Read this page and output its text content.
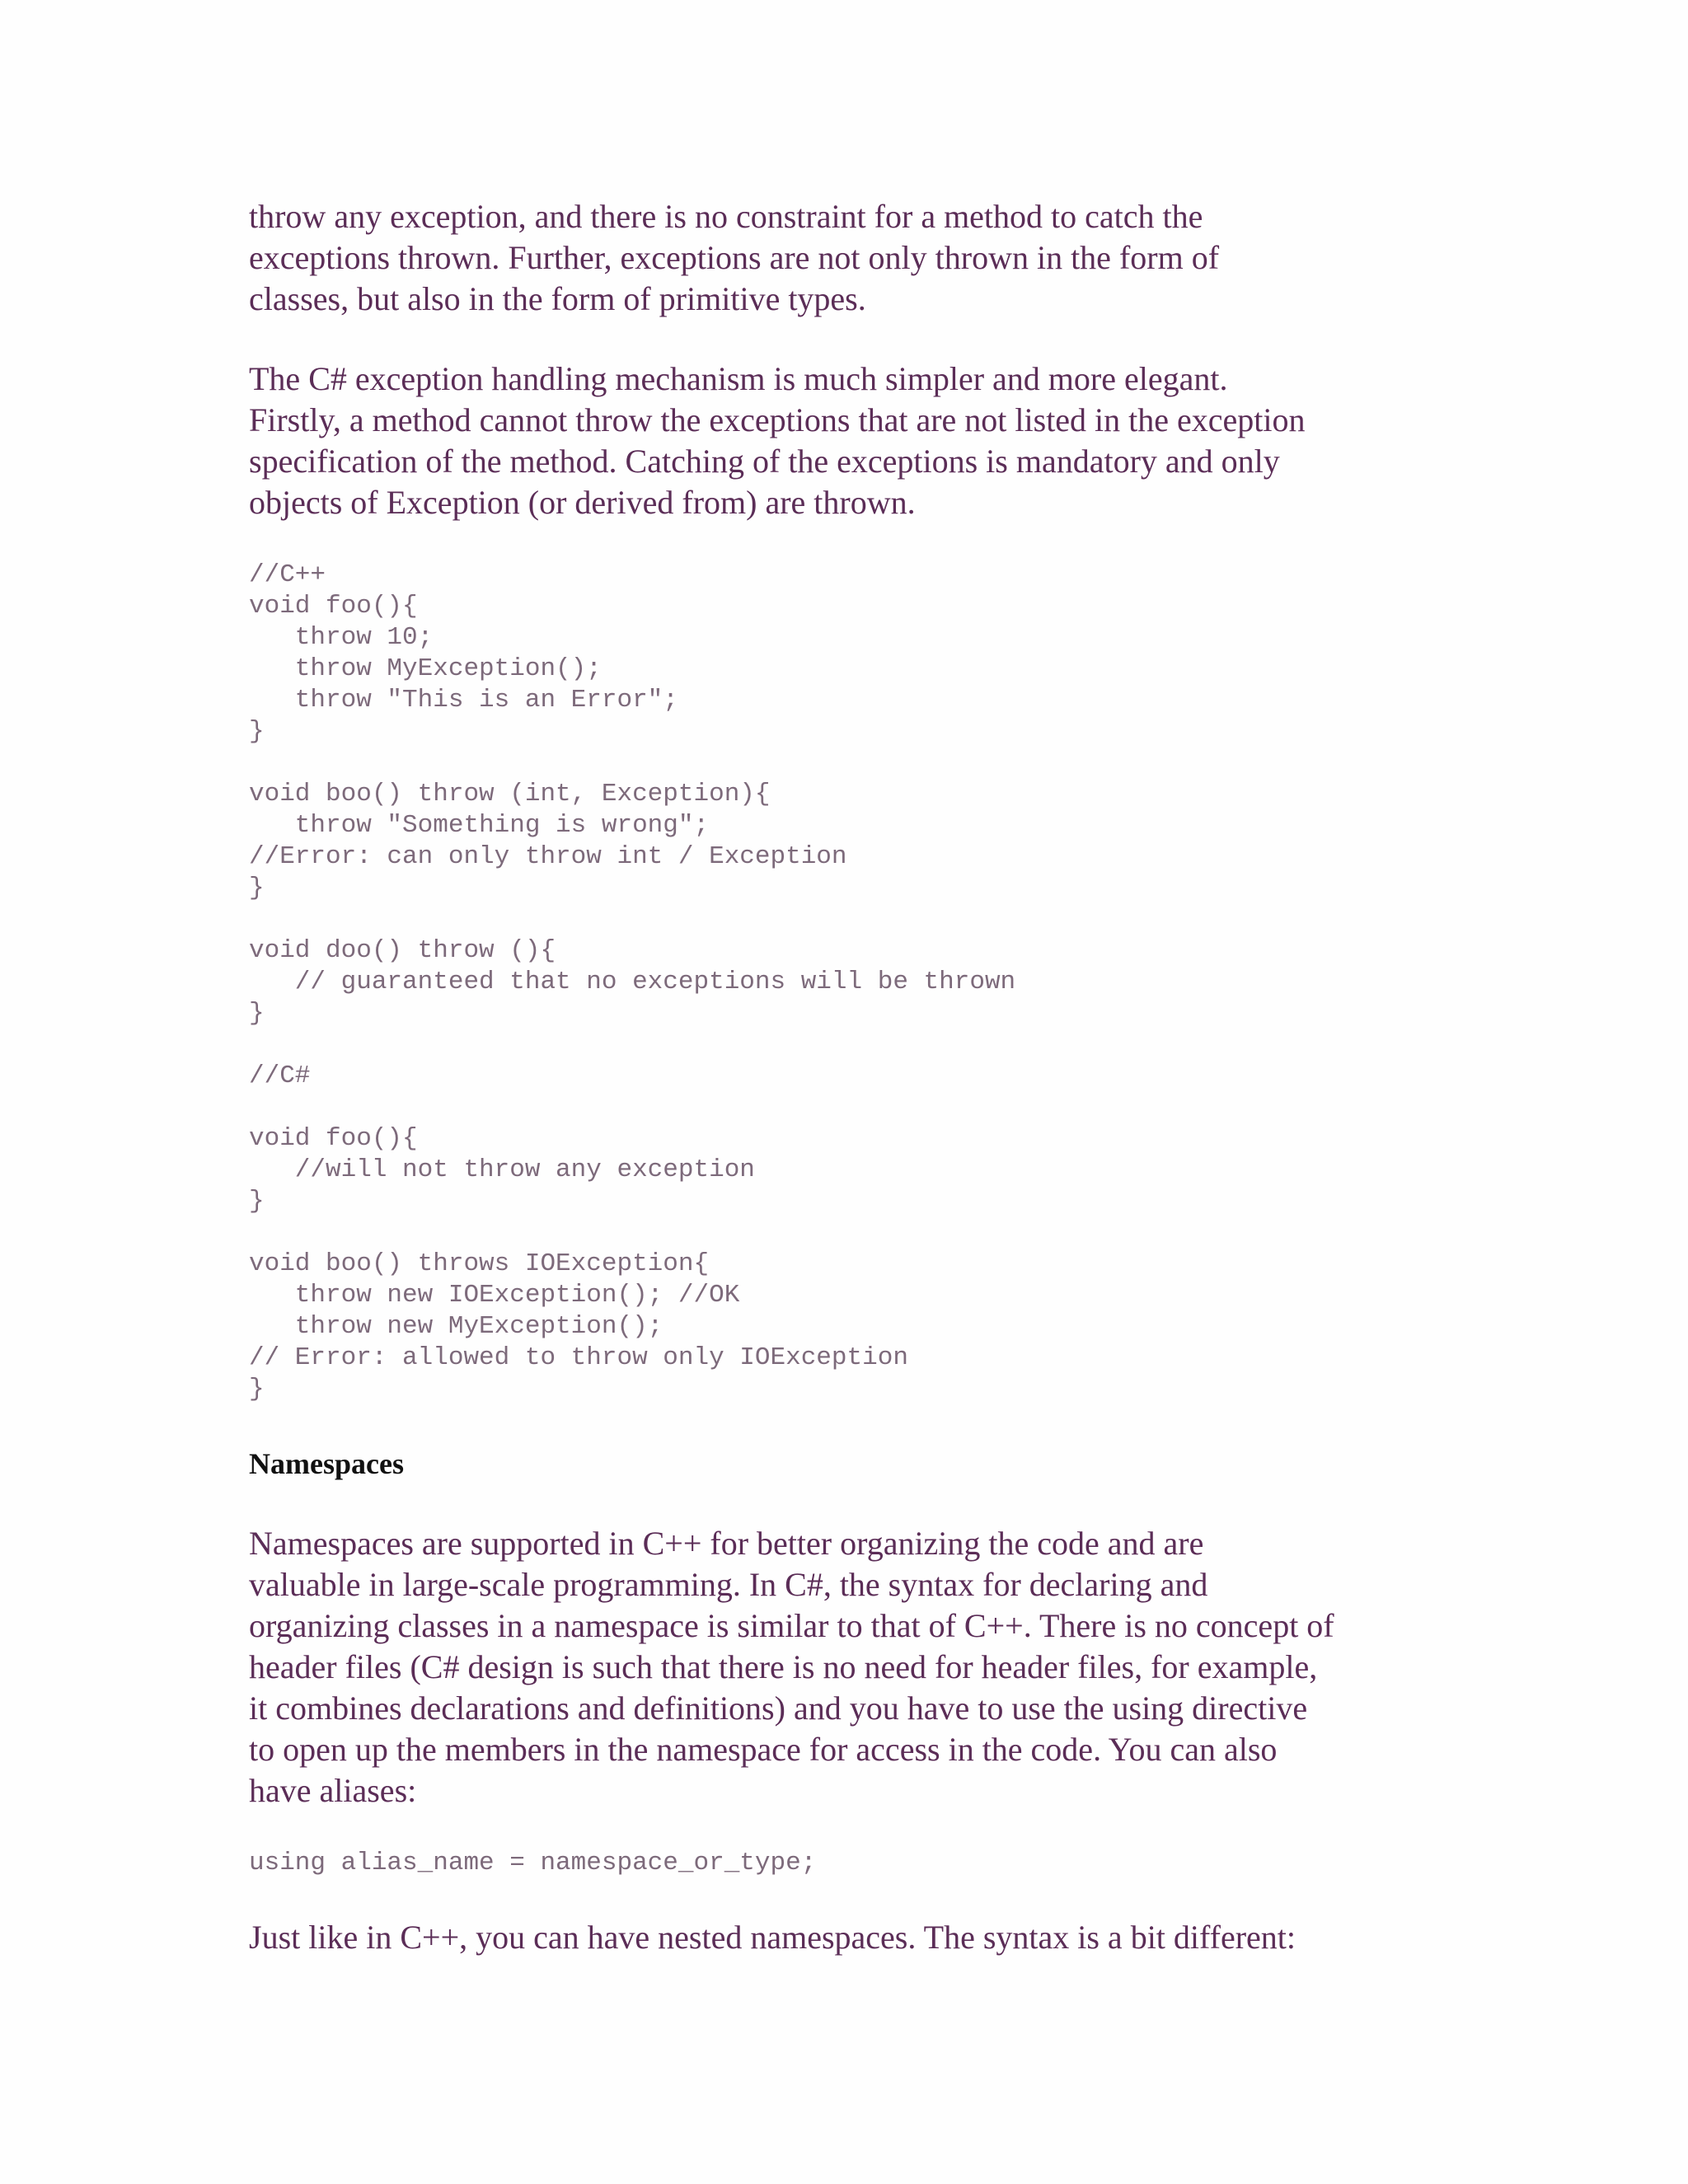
throw any exception, and there is no constraint for a method to catch the
exceptions thrown. Further, exceptions are not only thrown in the form of
classes, but also in the form of primitive types.

The C# exception handling mechanism is much simpler and more elegant.
Firstly, a method cannot throw the exceptions that are not listed in the exception
specification of the method. Catching of the exceptions is mandatory and only
objects of Exception (or derived from) are thrown.

//C++
void foo(){
throw 10;
throw MyException();
throw "This is an Error";
}

void boo() throw (int, Exception){
throw "Something is wrong";
//Error: can only throw int / Exception
}

void doo() throw (){
// guaranteed that no exceptions will be thrown
}

//C#

void foo(){
//will not throw any exception
}

void boo() throws IOException{
throw new IOException(); //OK
throw new MyException();
// Error: allowed to throw only IOException
}
Namespaces

Namespaces are supported in C++ for better organizing the code and are
valuable in large-scale programming. In C#, the syntax for declaring and
organizing classes in a namespace is similar to that of C++. There is no concept of
header files (C# design is such that there is no need for header files, for example,
it combines declarations and definitions) and you have to use the using directive
to open up the members in the namespace for access in the code. You can also
have aliases:

using alias_name = namespace_or_type;

Just like in C++, you can have nested namespaces. The syntax is a bit different:
